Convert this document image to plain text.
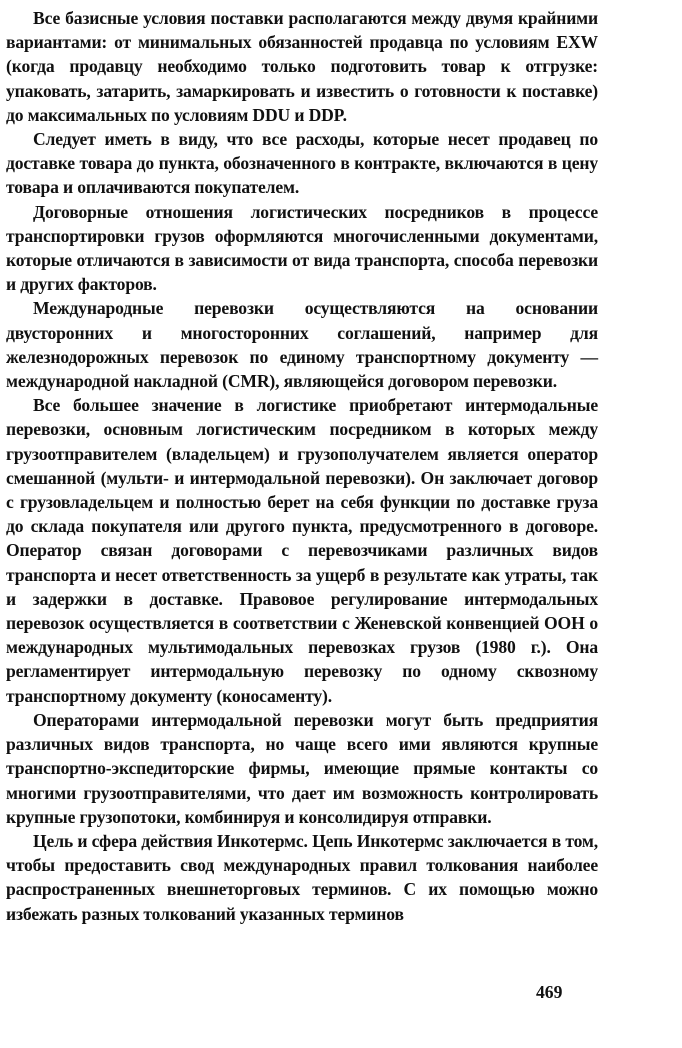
Все базисные условия поставки располагаются между двумя крайними вариантами: от минимальных обязанностей продавца по условиям EXW (когда продавцу необходимо только подготовить товар к отгрузке: упаковать, затарить, замаркировать и известить о готовности к поставке) до максимальных по условиям DDU и DDP.

Следует иметь в виду, что все расходы, которые несет продавец по доставке товара до пункта, обозначенного в контракте, включаются в цену товара и оплачиваются покупателем.

Договорные отношения логистических посредников в процессе транспортировки грузов оформляются многочисленными документами, которые отличаются в зависимости от вида транспорта, способа перевозки и других факторов.

Международные перевозки осуществляются на основании двусторонних и многосторонних соглашений, например для железнодорожных перевозок по единому транспортному документу — международной накладной (CMR), являющейся договором перевозки.

Все большее значение в логистике приобретают интермодальные перевозки, основным логистическим посредником в которых между грузоотправителем (владельцем) и грузополучателем является оператор смешанной (мульти- и интермодальной перевозки). Он заключает договор с грузовладельцем и полностью берет на себя функции по доставке груза до склада покупателя или другого пункта, предусмотренного в договоре. Оператор связан договорами с перевозчиками различных видов транспорта и несет ответственность за ущерб в результате как утраты, так и задержки в доставке. Правовое регулирование интермодальных перевозок осуществляется в соответствии с Женевской конвенцией ООН о международных мультимодальных перевозках грузов (1980 г.). Она регламентирует интермодальную перевозку по одному сквозному транспортному документу (коносаменту).

Операторами интермодальной перевозки могут быть предприятия различных видов транспорта, но чаще всего ими являются крупные транспортно-экспедиторские фирмы, имеющие прямые контакты со многими грузоотправителями, что дает им возможность контролировать крупные грузопотоки, комбинируя и консолидируя отправки.

Цель и сфера действия Инкотермс. Цепь Инкотермс заключается в том, чтобы предоставить свод международных правил толкования наиболее распространенных внешнеторговых терминов. С их помощью можно избежать разных толкований указанных терминов

469
